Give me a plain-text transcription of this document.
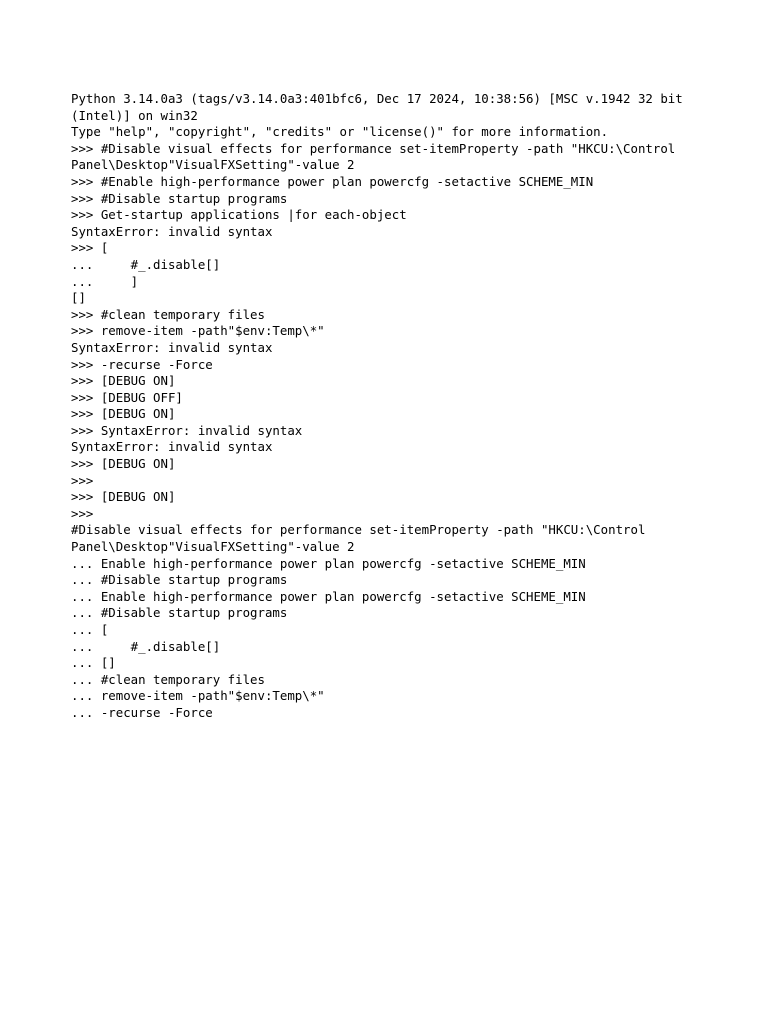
Python 3.14.0a3 (tags/v3.14.0a3:401bfc6, Dec 17 2024, 10:38:56) [MSC v.1942 32 bit
(Intel)] on win32
Type "help", "copyright", "credits" or "license()" for more information.
>>> #Disable visual effects for performance set-itemProperty -path "HKCU:\Control
Panel\Desktop"VisualFXSetting"-value 2
>>> #Enable high-performance power plan powercfg -setactive SCHEME_MIN
>>> #Disable startup programs
>>> Get-startup applications |for each-object
SyntaxError: invalid syntax
>>> [
...     #_.disable[]
...     ]
[]
>>> #clean temporary files
>>> remove-item -path"$env:Temp\*"
SyntaxError: invalid syntax
>>> -recurse -Force
>>> [DEBUG ON]
>>> [DEBUG OFF]
>>> [DEBUG ON]
>>> SyntaxError: invalid syntax
SyntaxError: invalid syntax
>>> [DEBUG ON]
>>>
>>> [DEBUG ON]
>>>
#Disable visual effects for performance set-itemProperty -path "HKCU:\Control
Panel\Desktop"VisualFXSetting"-value 2
... Enable high-performance power plan powercfg -setactive SCHEME_MIN
... #Disable startup programs
... Enable high-performance power plan powercfg -setactive SCHEME_MIN
... #Disable startup programs
... [
...     #_.disable[]
... []
... #clean temporary files
... remove-item -path"$env:Temp\*"
... -recurse -Force
